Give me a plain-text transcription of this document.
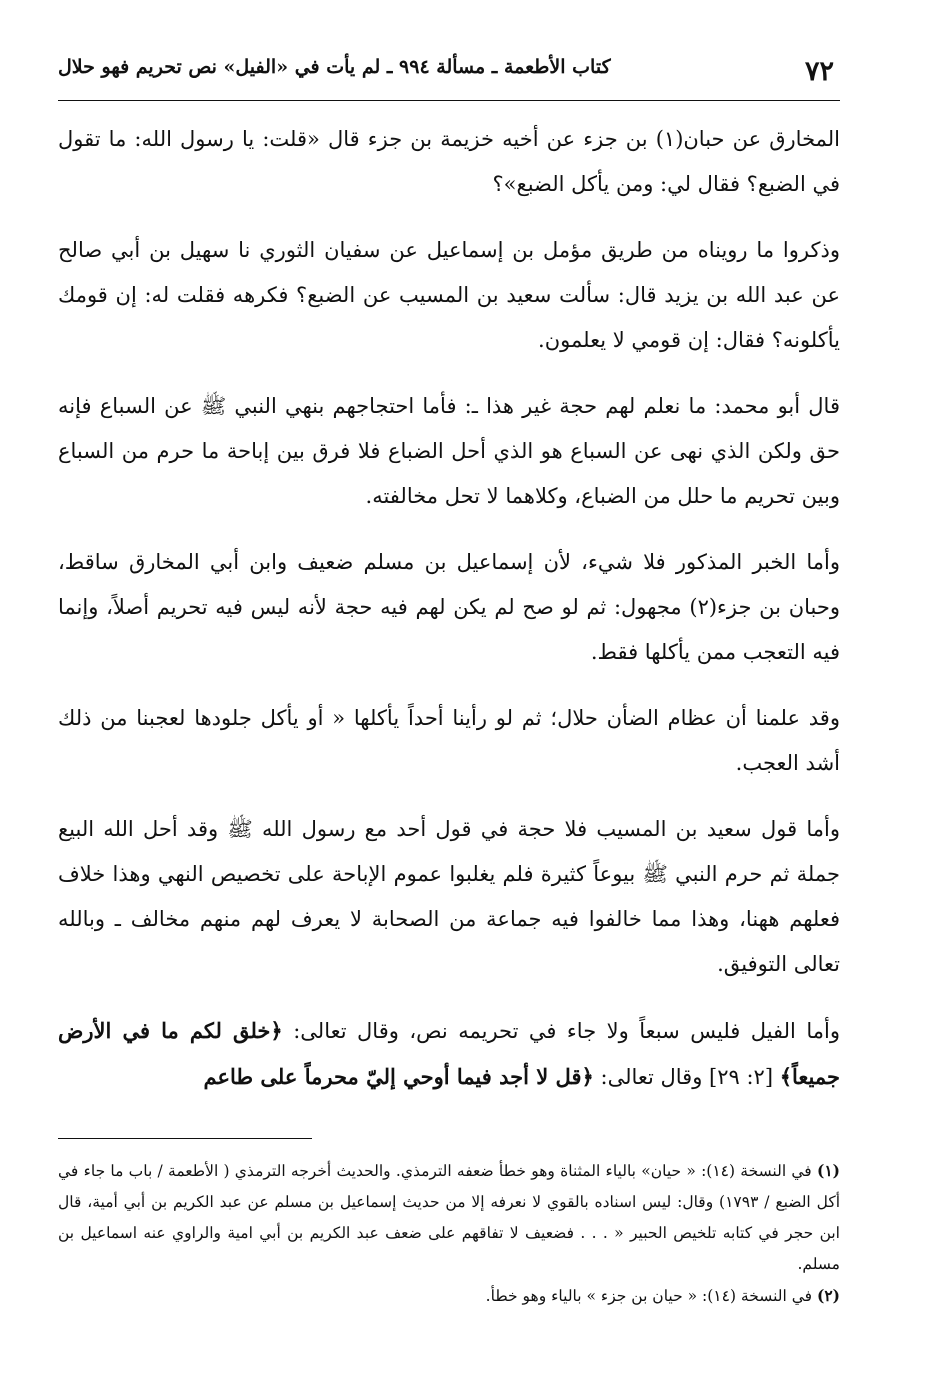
٧٢
كتاب الأطعمة ـ مسألة ٩٩٤ ـ لم يأت في «الفيل» نص تحريم فهو حلال

المخارق عن حبان(١) بن جزء عن أخيه خزيمة بن جزء قال «قلت: يا رسول الله: ما تقول في الضبع؟ فقال لي: ومن يأكل الضبع»؟

وذكروا ما رويناه من طريق مؤمل بن إسماعيل عن سفيان الثوري نا سهيل بن أبي صالح عن عبد الله بن يزيد قال: سألت سعيد بن المسيب عن الضبع؟ فكرهه فقلت له: إن قومك يأكلونه؟ فقال: إن قومي لا يعلمون.

قال أبو محمد: ما نعلم لهم حجة غير هذا ـ: فأما احتجاجهم بنهي النبي ﷺ عن السباع فإنه حق ولكن الذي نهى عن السباع هو الذي أحل الضباع فلا فرق بين إباحة ما حرم من السباع وبين تحريم ما حلل من الضباع، وكلاهما لا تحل مخالفته.

وأما الخبر المذكور فلا شيء، لأن إسماعيل بن مسلم ضعيف وابن أبي المخارق ساقط، وحبان بن جزء(٢) مجهول: ثم لو صح لم يكن لهم فيه حجة لأنه ليس فيه تحريم أصلاً، وإنما فيه التعجب ممن يأكلها فقط.

وقد علمنا أن عظام الضأن حلال؛ ثم لو رأينا أحداً يأكلها « أو يأكل جلودها لعجبنا من ذلك أشد العجب.

وأما قول سعيد بن المسيب فلا حجة في قول أحد مع رسول الله ﷺ وقد أحل الله البيع جملة ثم حرم النبي ﷺ بيوعاً كثيرة فلم يغلبوا عموم الإباحة على تخصيص النهي وهذا خلاف فعلهم ههنا، وهذا مما خالفوا فيه جماعة من الصحابة لا يعرف لهم منهم مخالف ـ وبالله تعالى التوفيق.

وأما الفيل فليس سبعاً ولا جاء في تحريمه نص، وقال تعالى: ﴿خلق لكم ما في الأرض جميعاً﴾ [٢: ٢٩] وقال تعالى: ﴿قل لا أجد فيما أوحي إليّ محرماً على طاعم

(١) في النسخة (١٤): « حيان» بالياء المثناة وهو خطأ ضعفه الترمذي. والحديث أخرجه الترمذي ( الأطعمة / باب ما جاء في أكل الضبع / ١٧٩٣) وقال: ليس اسناده بالقوي لا نعرفه إلا من حديث إسماعيل بن مسلم عن عبد الكريم بن أبي أمية، قال ابن حجر في كتابه تلخيص الحبير « . . . فضعيف لا تفاقهم على ضعف عبد الكريم بن أبي امية والراوي عنه اسماعيل بن مسلم.

(٢) في النسخة (١٤): « حيان بن جزء » بالياء وهو خطأ.
